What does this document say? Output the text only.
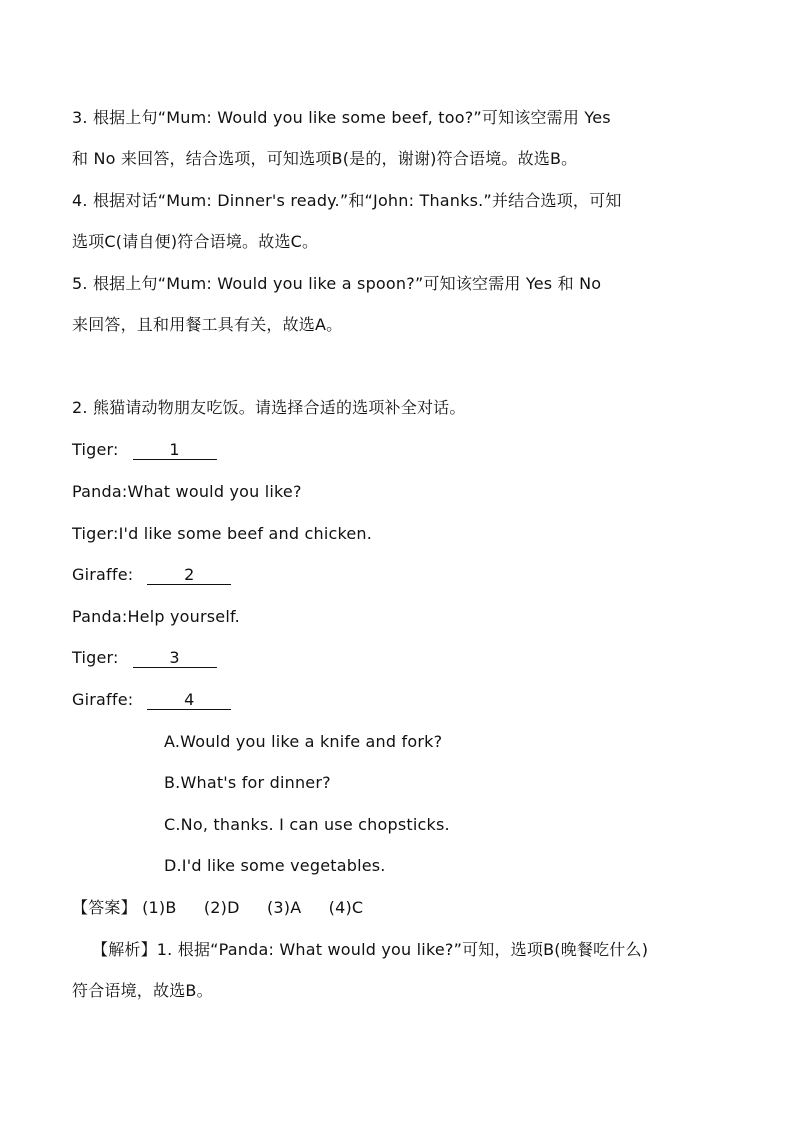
3. 根据上句“Mum: Would you like some beef, too?”可知该空需用 Yes
和 No 来回答，结合选项，可知选项B(是的，谢谢)符合语境。故选B。
4. 根据对话“Mum: Dinner's ready.”和“John: Thanks.”并结合选项，可知
选项C(请自便)符合语境。故选C。
5. 根据上句“Mum: Would you like a spoon?”可知该空需用 Yes 和 No
来回答，且和用餐工具有关，故选A。
2. 熊猫请动物朋友吃饭。请选择合适的选项补全对话。
Tiger:	1
Panda:What would you like?
Tiger:I'd like some beef and chicken.
Giraffe:	2
Panda:Help yourself.
Tiger:	3
Giraffe:	4
A.Would you like a knife and fork?
B.What's for dinner?
C.No, thanks. I can use chopsticks.
D.I'd like some vegetables.
【答案】 (1)B (2)D (3)A (4)C
【解析】1. 根据“Panda: What would you like?”可知，选项B(晚餐吃什么)
符合语境，故选B。
